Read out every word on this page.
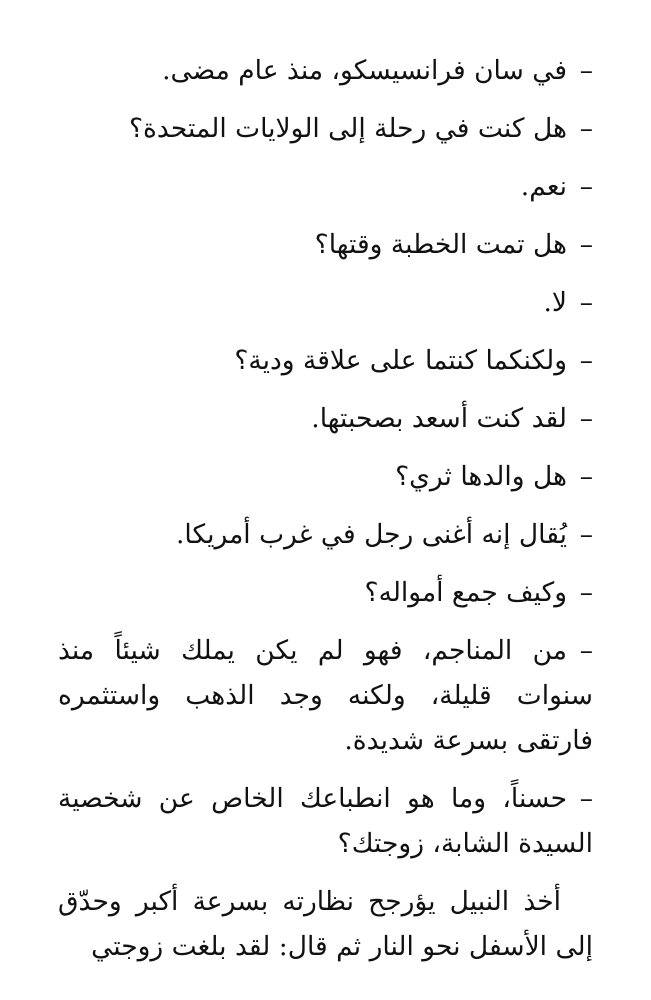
–في سان فرانسيسكو، منذ عام مضى.

–هل كنت في رحلة إلى الولايات المتحدة؟

–نعم.

–هل تمت الخطبة وقتها؟

–لا.

–ولكنكما كنتما على علاقة ودية؟

–لقد كنت أسعد بصحبتها.

–هل والدها ثري؟

–يُقال إنه أغنى رجل في غرب أمريكا.

–وكيف جمع أمواله؟

–من المناجم، فهو لم يكن يملك شيئاً منذ سنوات قليلة، ولكنه وجد الذهب واستثمره فارتقى بسرعة شديدة.

–حسناً، وما هو انطباعك الخاص عن شخصية السيدة الشابة، زوجتك؟

أخذ النبيل يؤرجح نظارته بسرعة أكبر وحدّق إلى الأسفل نحو النار ثم قال: لقد بلغت زوجتي
